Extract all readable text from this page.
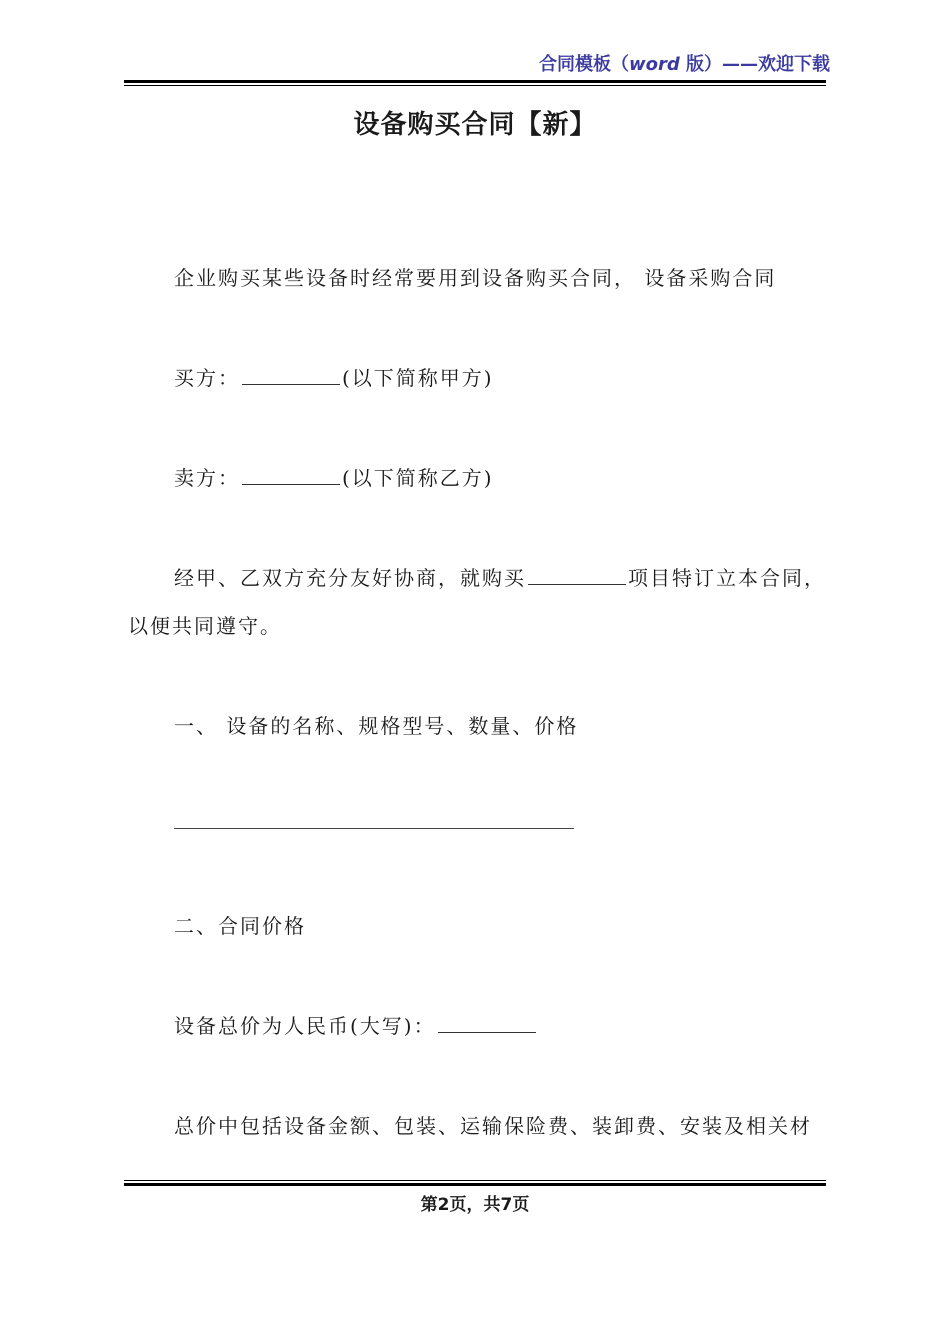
合同模板（word 版）——欢迎下载
设备购买合同【新】
企业购买某些设备时经常要用到设备购买合同， 设备采购合同
买方：	(以下简称甲方)
卖方：	(以下简称乙方)
经甲、乙双方充分友好协商，就购买	项目特订立本合同，
以便共同遵守。
一、 设备的名称、规格型号、数量、价格
二、合同价格
设备总价为人民币(大写)：
总价中包括设备金额、包装、运输保险费、装卸费、安装及相关材
第2页，共7页
